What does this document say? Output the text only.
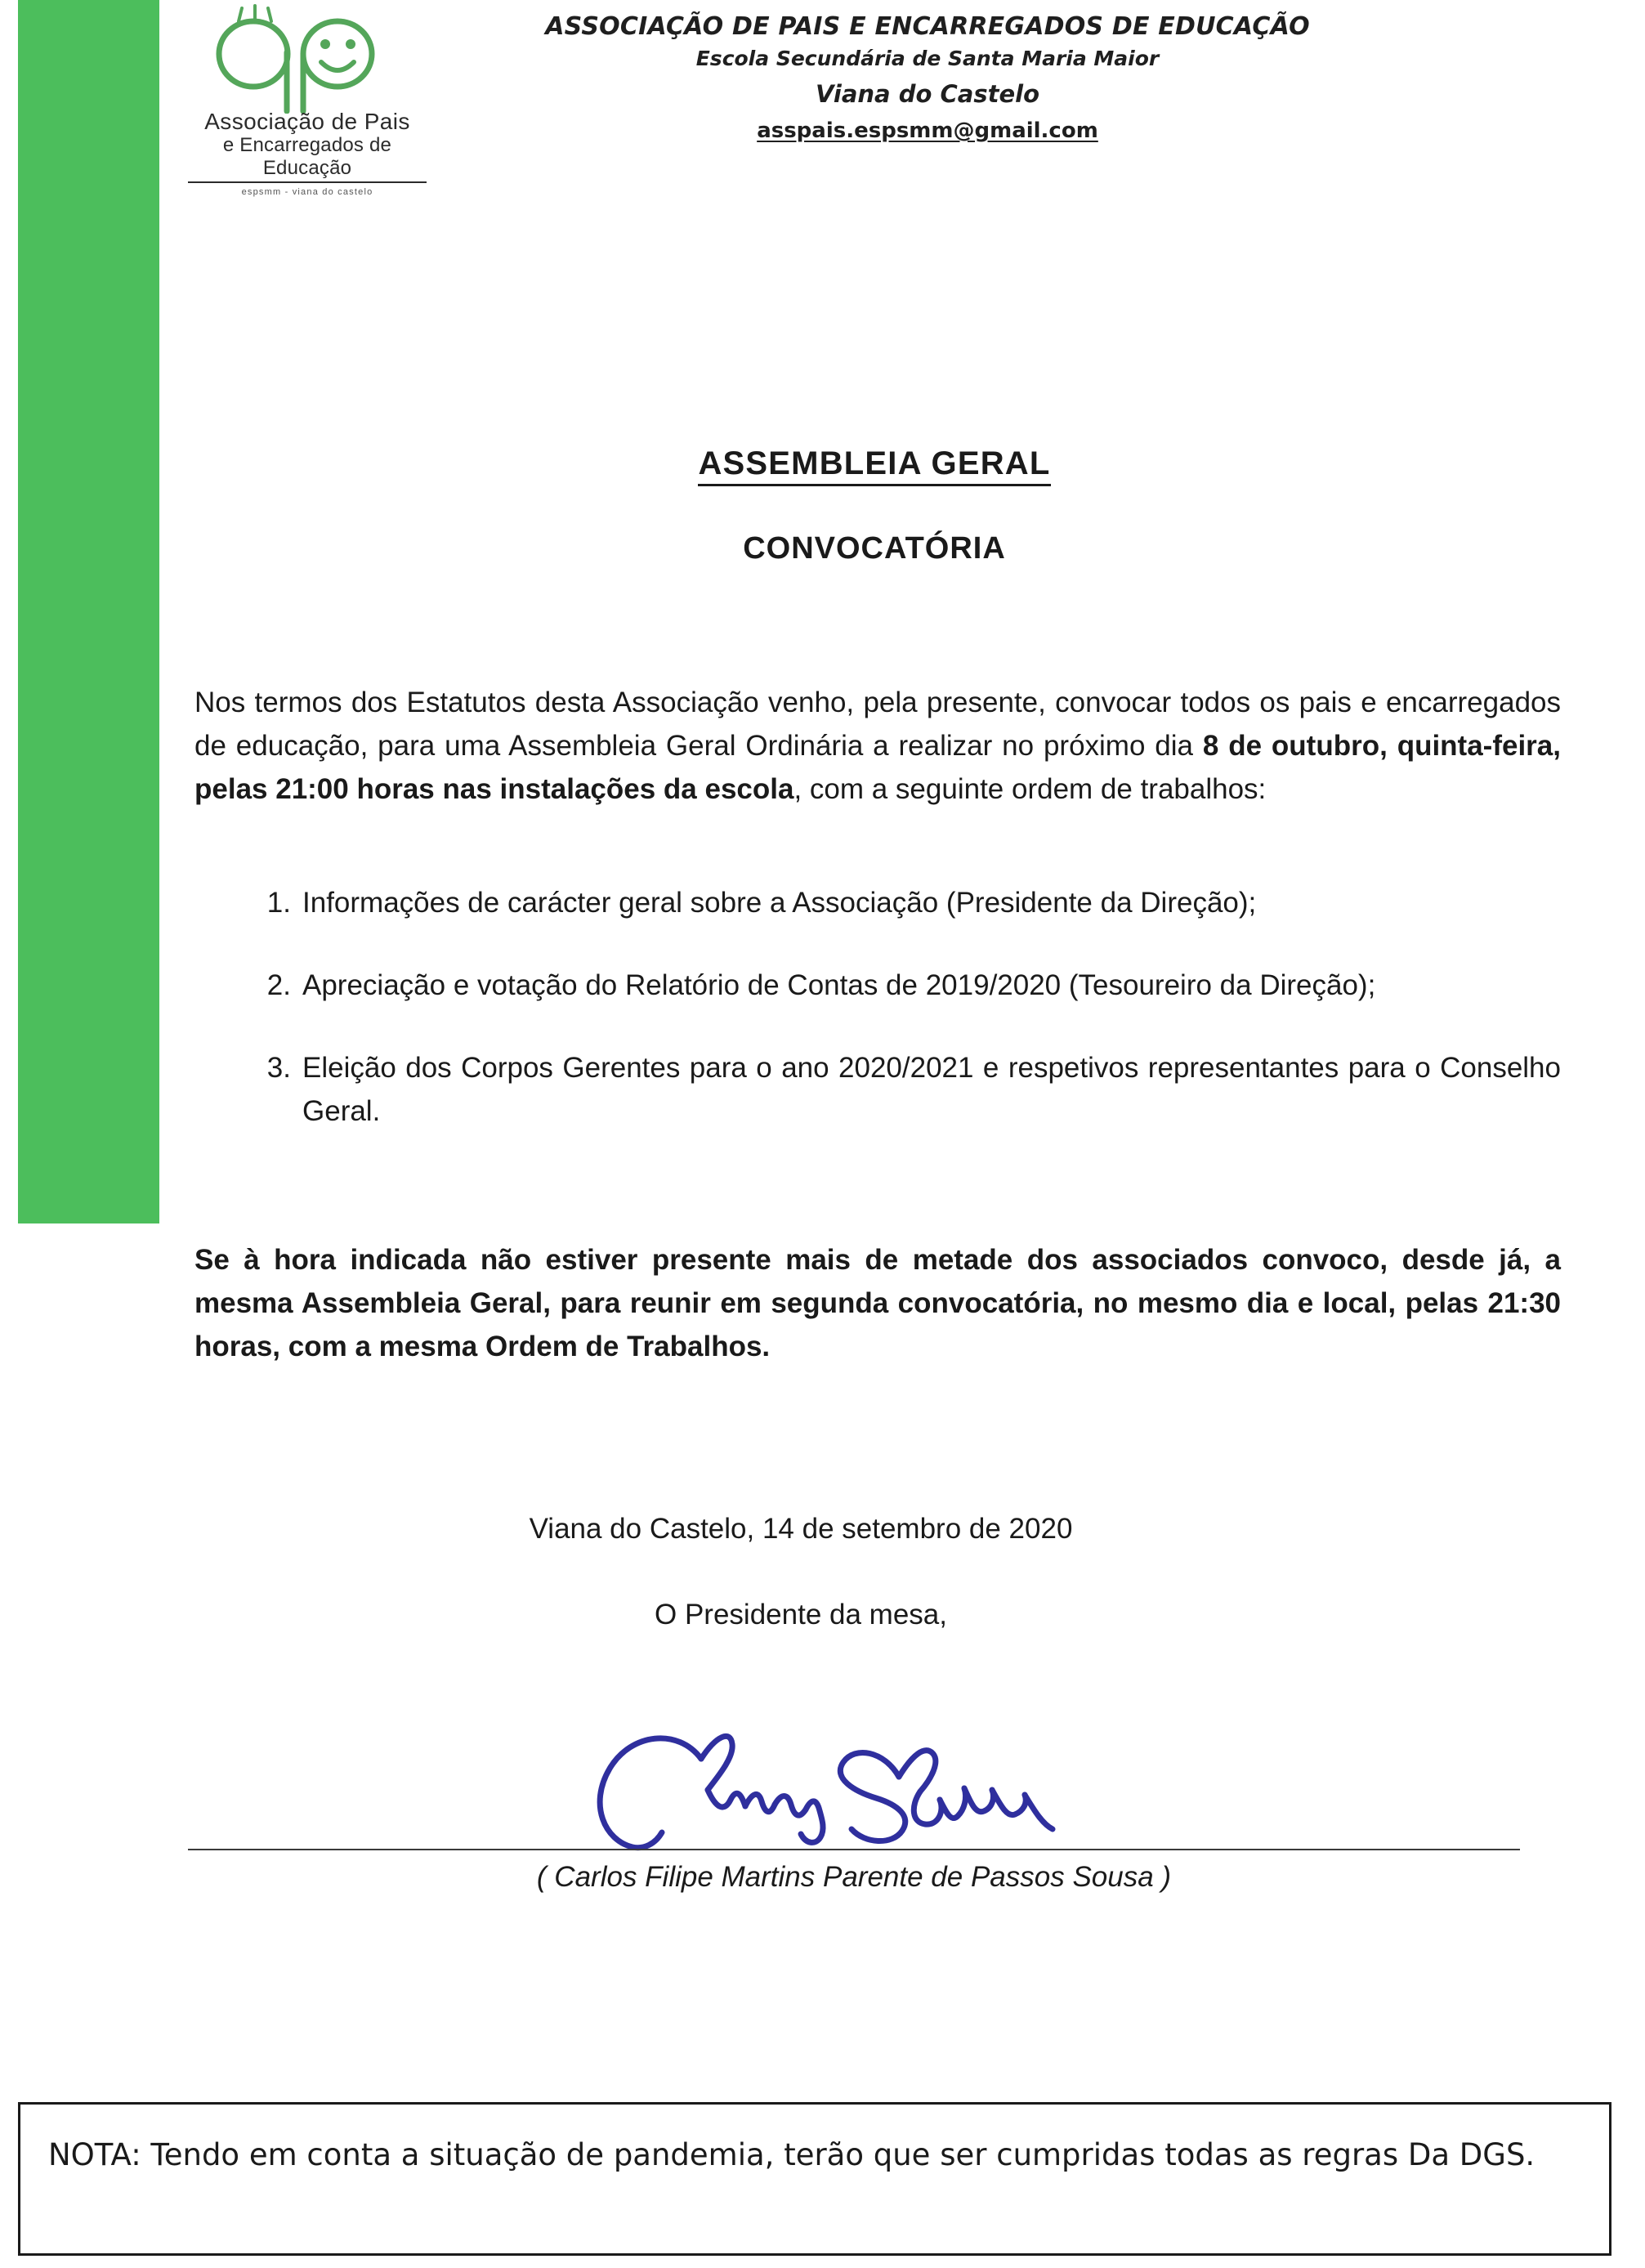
Associação de Pais
e Encarregados de Educação
espsmm - viana do castelo
ASSOCIAÇÃO DE PAIS E ENCARREGADOS DE EDUCAÇÃO
Escola Secundária de Santa Maria Maior
Viana do Castelo
asspais.espsmm@gmail.com
ASSEMBLEIA GERAL
CONVOCATÓRIA
Nos termos dos Estatutos desta Associação venho, pela presente, convocar todos os pais e encarregados de educação, para uma Assembleia Geral Ordinária a realizar no próximo dia 8 de outubro, quinta-feira, pelas 21:00 horas nas instalações da escola, com a seguinte ordem de trabalhos:
1. Informações de carácter geral sobre a Associação (Presidente da Direção);
2. Apreciação e votação do Relatório de Contas de 2019/2020 (Tesoureiro da Direção);
3. Eleição dos Corpos Gerentes para o ano 2020/2021 e respetivos representantes para o Conselho Geral.
Se à hora indicada não estiver presente mais de metade dos associados convoco, desde já, a mesma Assembleia Geral, para reunir em segunda convocatória, no mesmo dia e local, pelas 21:30 horas, com a mesma Ordem de Trabalhos.
Viana do Castelo, 14 de setembro de 2020
O Presidente da mesa,
( Carlos Filipe Martins Parente de Passos Sousa )
NOTA: Tendo em conta a situação de pandemia, terão que ser cumpridas todas as regras Da DGS.
